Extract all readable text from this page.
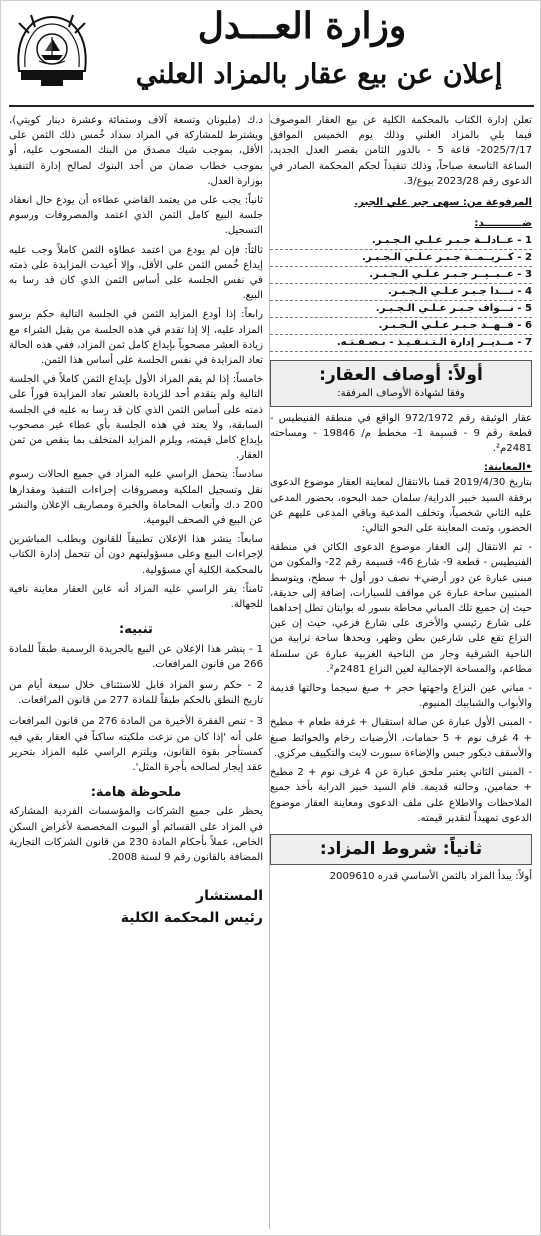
وزارة العـــدل
إعلان عن بيع عقار بالمزاد العلني

تعلن إدارة الكتاب بالمحكمة الكلية عن بيع العقار الموصوف فيما يلي بالمزاد العلني وذلك يوم الخميس الموافق 2025/7/17- قاعة 5 - بالدور الثامن بقصر العدل الجديد، الساعة التاسعة صباحاً، وذلك تنفيذاً لحكم المحكمة الصادر في الدعوى رقم 2023/28 بيوع/3.

المرفوعة من: سهى جبر علي الجبر.
ضـــــــــــد:
1 - عــادلــة جـبـر عـلـي الـجـبـر.
2 - كــريــمــة جـبـر عـلـي الـجـبـر.
3 - عــبــيــر جـبـر عـلـي الـجـبـر.
4 - نـــدا جـبـر عـلـي الـجـبـر.
5 - نـــواف جـبـر عـلـي الـجـبـر.
6 - فــهــد جـبـر عـلـي الـجـبـر.
7 - مــديــر إدارة الـتـنـفـيـذ - بـصـفـتـه.
أولاً: أوصاف العقار:
وفقا لشهادة الأوصاف المرفقة:

عقار الوثيقة رقم 972/1972 الواقع في منطقة الفنيطيس - قطعة رقم 9 - قسيمة 1- مخطط م/ 19846 - ومساحته 2481م².

•المعاينة:

بتاريخ 2019/4/30 قمنا بالانتقال لمعاينة العقار موضوع الدعوى برفقة السيد خبير الدراية/ سلمان حمد البحوه، بحضور المدعى عليه الثاني شخصياً، وتخلف المدعية وباقي المدعى عليهم عن الحضور، وتمت المعاينة على النحو التالي:

- تم الانتقال إلى العقار موضوع الدعوى الكائن في منطقة الفنيطيس - قطعة 9- شارع 46- قسيمة رقم 22- والمكون من مبنى عبارة عن دور أرضي+ نصف دور أول + سطح، ويتوسط المبنيين ساحة عبارة عن مواقف للسيارات، إضافة إلى حديقة، حيث إن جميع تلك المباني محاطة بسور له بوابتان تطل إحداهما على شارع رئيسي والأخرى على شارع فرعي، حيث إن عين النزاع تقع على شارعين بطن وظهر، ويحدها ساحة ترابية من الناحية الشرقية وجار من الناحية الغربية عبارة عن سلسلة مطاعم، والمساحة الإجمالية لعين النزاع 2481م².

- مباني عين النزاع واجهتها حجر + صبغ سيجما وحالتها قديمة والأبواب والشبابيك المنيوم.

- المبنى الأول عبارة عن صالة استقبال + غرفة طعام + مطبخ + 4 غرف نوم + 5 حمامات، الأرضيات رخام والحوائط صبغ والأسقف ديكور جبس والإضاءة سبورت لايت والتكييف مركزي.

- المبنى الثاني يعتبر ملحق عبارة عن 4 غرف نوم + 2 مطبخ + حمامين، وحالته قديمة. قام السيد خبير الدراية بأخذ جميع الملاحظات والاطلاع على ملف الدعوى ومعاينة العقار موضوع الدعوى تمهيداً لتقدير قيمته.

ثانياً: شروط المزاد:

أولاً: يبدأ المزاد بالثمن الأساسي قدره 2009610

د.ك (مليونان وتسعة آلاف وستمائة وعشرة دينار كويتي)، ويشترط للمشاركة في المزاد سداد خُمس ذلك الثمن على الأقل، بموجب شيك مصدق من البنك المسحوب عليه، أو بموجب خطاب ضمان من أحد البنوك لصالح إدارة التنفيذ بوزارة العدل.

ثانياً: يجب على من يعتمد القاضي عطاءه أن يودع حال انعقاد جلسة البيع كامل الثمن الذي اعتمد والمصروفات ورسوم التسجيل.

ثالثاً: فإن لم يودع من اعتمد عطاؤه الثمن كاملاً وجب عليه إيداع خُمس الثمن على الأقل، وإلا أعيدت المزايدة على ذمته في نفس الجلسة على أساس الثمن الذي كان قد رسا به البيع.

رابعاً: إذا أودع المزايد الثمن في الجلسة التالية حكم برسو المزاد عليه، إلا إذا تقدم في هذه الجلسة من يقبل الشراء مع زيادة العشر مصحوباً بإيداع كامل ثمن المزاد، ففي هذه الحالة تعاد المزايدة في نفس الجلسة على أساس هذا الثمن.

خامساً: إذا لم يقم المزاد الأول بإيداع الثمن كاملاً في الجلسة التالية ولم يتقدم أحد للزيادة بالعشر تعاد المزايدة فوراً على ذمته على أساس الثمن الذي كان قد رسا به عليه في الجلسة السابقة، ولا يعتد في هذه الجلسة بأي عطاء غير مصحوب بإيداع كامل قيمته، ويلزم المزايد المتخلف بما ينقص من ثمن العقار.

سادساً: يتحمل الراسي عليه المزاد في جميع الحالات رسوم نقل وتسجيل الملكية ومصروفات إجراءات التنفيذ ومقدارها 200 د.ك وأتعاب المحاماة والخبرة ومصاريف الإعلان والنشر عن البيع في الصحف اليومية.

سابعاً: ينشر هذا الإعلان تطبيقاً للقانون وبطلب المباشرين لإجراءات البيع وعلى مسؤوليتهم دون أن تتحمل إدارة الكتاب بالمحكمة الكلية أي مسؤولية.

ثامناً: يقر الراسي عليه المزاد أنه عاين العقار معاينة نافية للجهالة.

تنبيه:
1 - ينشر هذا الإعلان عن البيع بالجريدة الرسمية طبقاً للمادة 266 من قانون المرافعات.
2 - حكم رسو المزاد قابل للاستئناف خلال سبعة أيام من تاريخ النطق بالحكم طبقاً للمادة 277 من قانون المرافعات.
3 - تنص الفقرة الأخيرة من المادة 276 من قانون المرافعات على أنه 'إذا كان من نزعت ملكيته ساكناً في العقار بقي فيه كمستأجر بقوة القانون، ويلتزم الراسي عليه المزاد بتحرير عقد إيجار لصالحه بأجرة المثل'.
ملحوظة هامة:

يحظر على جميع الشركات والمؤسسات الفردية المشاركة في المزاد على القسائم أو البيوت المخصصة لأغراض السكن الخاص، عملاً بأحكام المادة 230 من قانون الشركات التجارية المضافة بالقانون رقم 9 لسنة 2008.

المستشار
رئيس المحكمة الكلية
